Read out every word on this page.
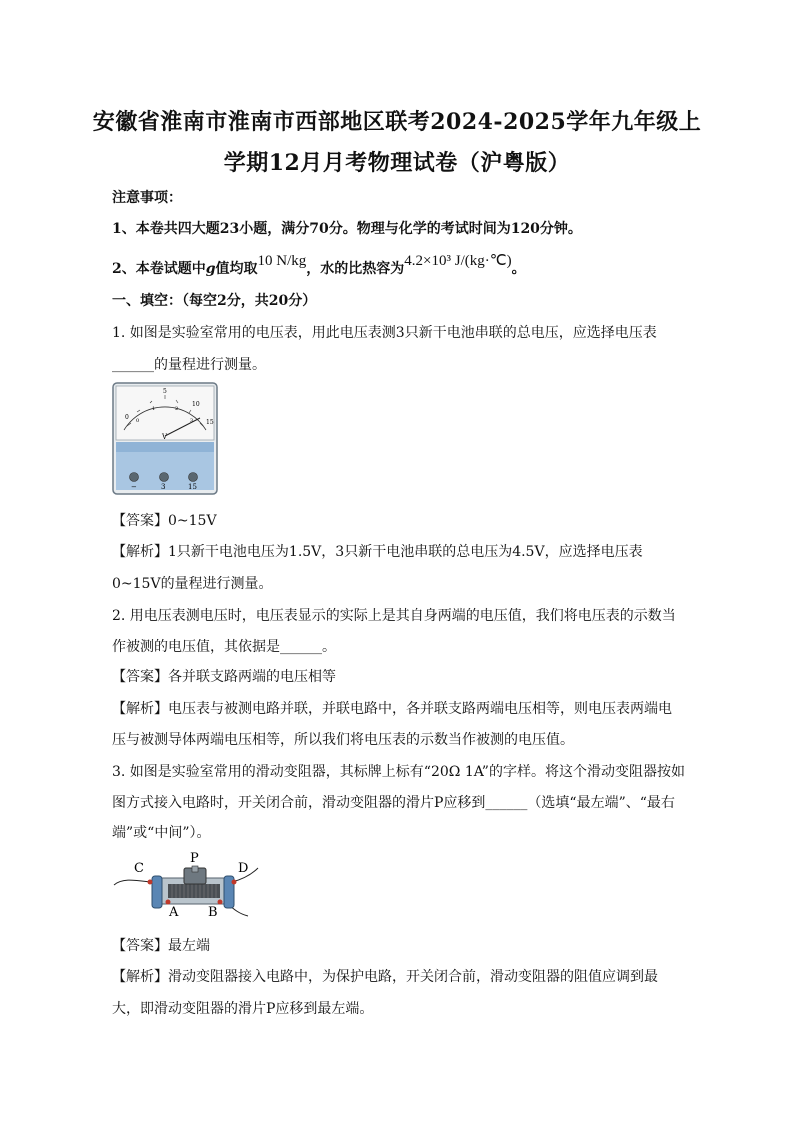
安徽省淮南市淮南市西部地区联考2024-2025学年九年级上
学期12月月考物理试卷（沪粤版）
注意事项：
1、本卷共四大题23小题，满分70分。物理与化学的考试时间为120分钟。
2、本卷试题中g值均取10 N/kg，水的比热容为4.2×10³ J/(kg·℃)。
一、填空：（每空2分，共20分）
1. 如图是实验室常用的电压表，用此电压表测3只新干电池串联的总电压，应选择电压表
______的量程进行测量。
0
5
10
15
0
1	2
3
V
−	3	15
【答案】0~15V
【解析】1只新干电池电压为1.5V，3只新干电池串联的总电压为4.5V，应选择电压表
0~15V的量程进行测量。
2. 用电压表测电压时，电压表显示的实际上是其自身两端的电压值，我们将电压表的示数当
作被测的电压值，其依据是______。
【答案】各并联支路两端的电压相等
【解析】电压表与被测电路并联，并联电路中，各并联支路两端电压相等，则电压表两端电
压与被测导体两端电压相等，所以我们将电压表的示数当作被测的电压值。
3. 如图是实验室常用的滑动变阻器，其标牌上标有“20Ω 1A”的字样。将这个滑动变阻器按如
图方式接入电路时，开关闭合前，滑动变阻器的滑片P应移到______（选填“最左端”、“最右
端”或“中间”）。
C
P
D
A B
【答案】最左端
【解析】滑动变阻器接入电路中，为保护电路，开关闭合前，滑动变阻器的阻值应调到最
大，即滑动变阻器的滑片P应移到最左端。
